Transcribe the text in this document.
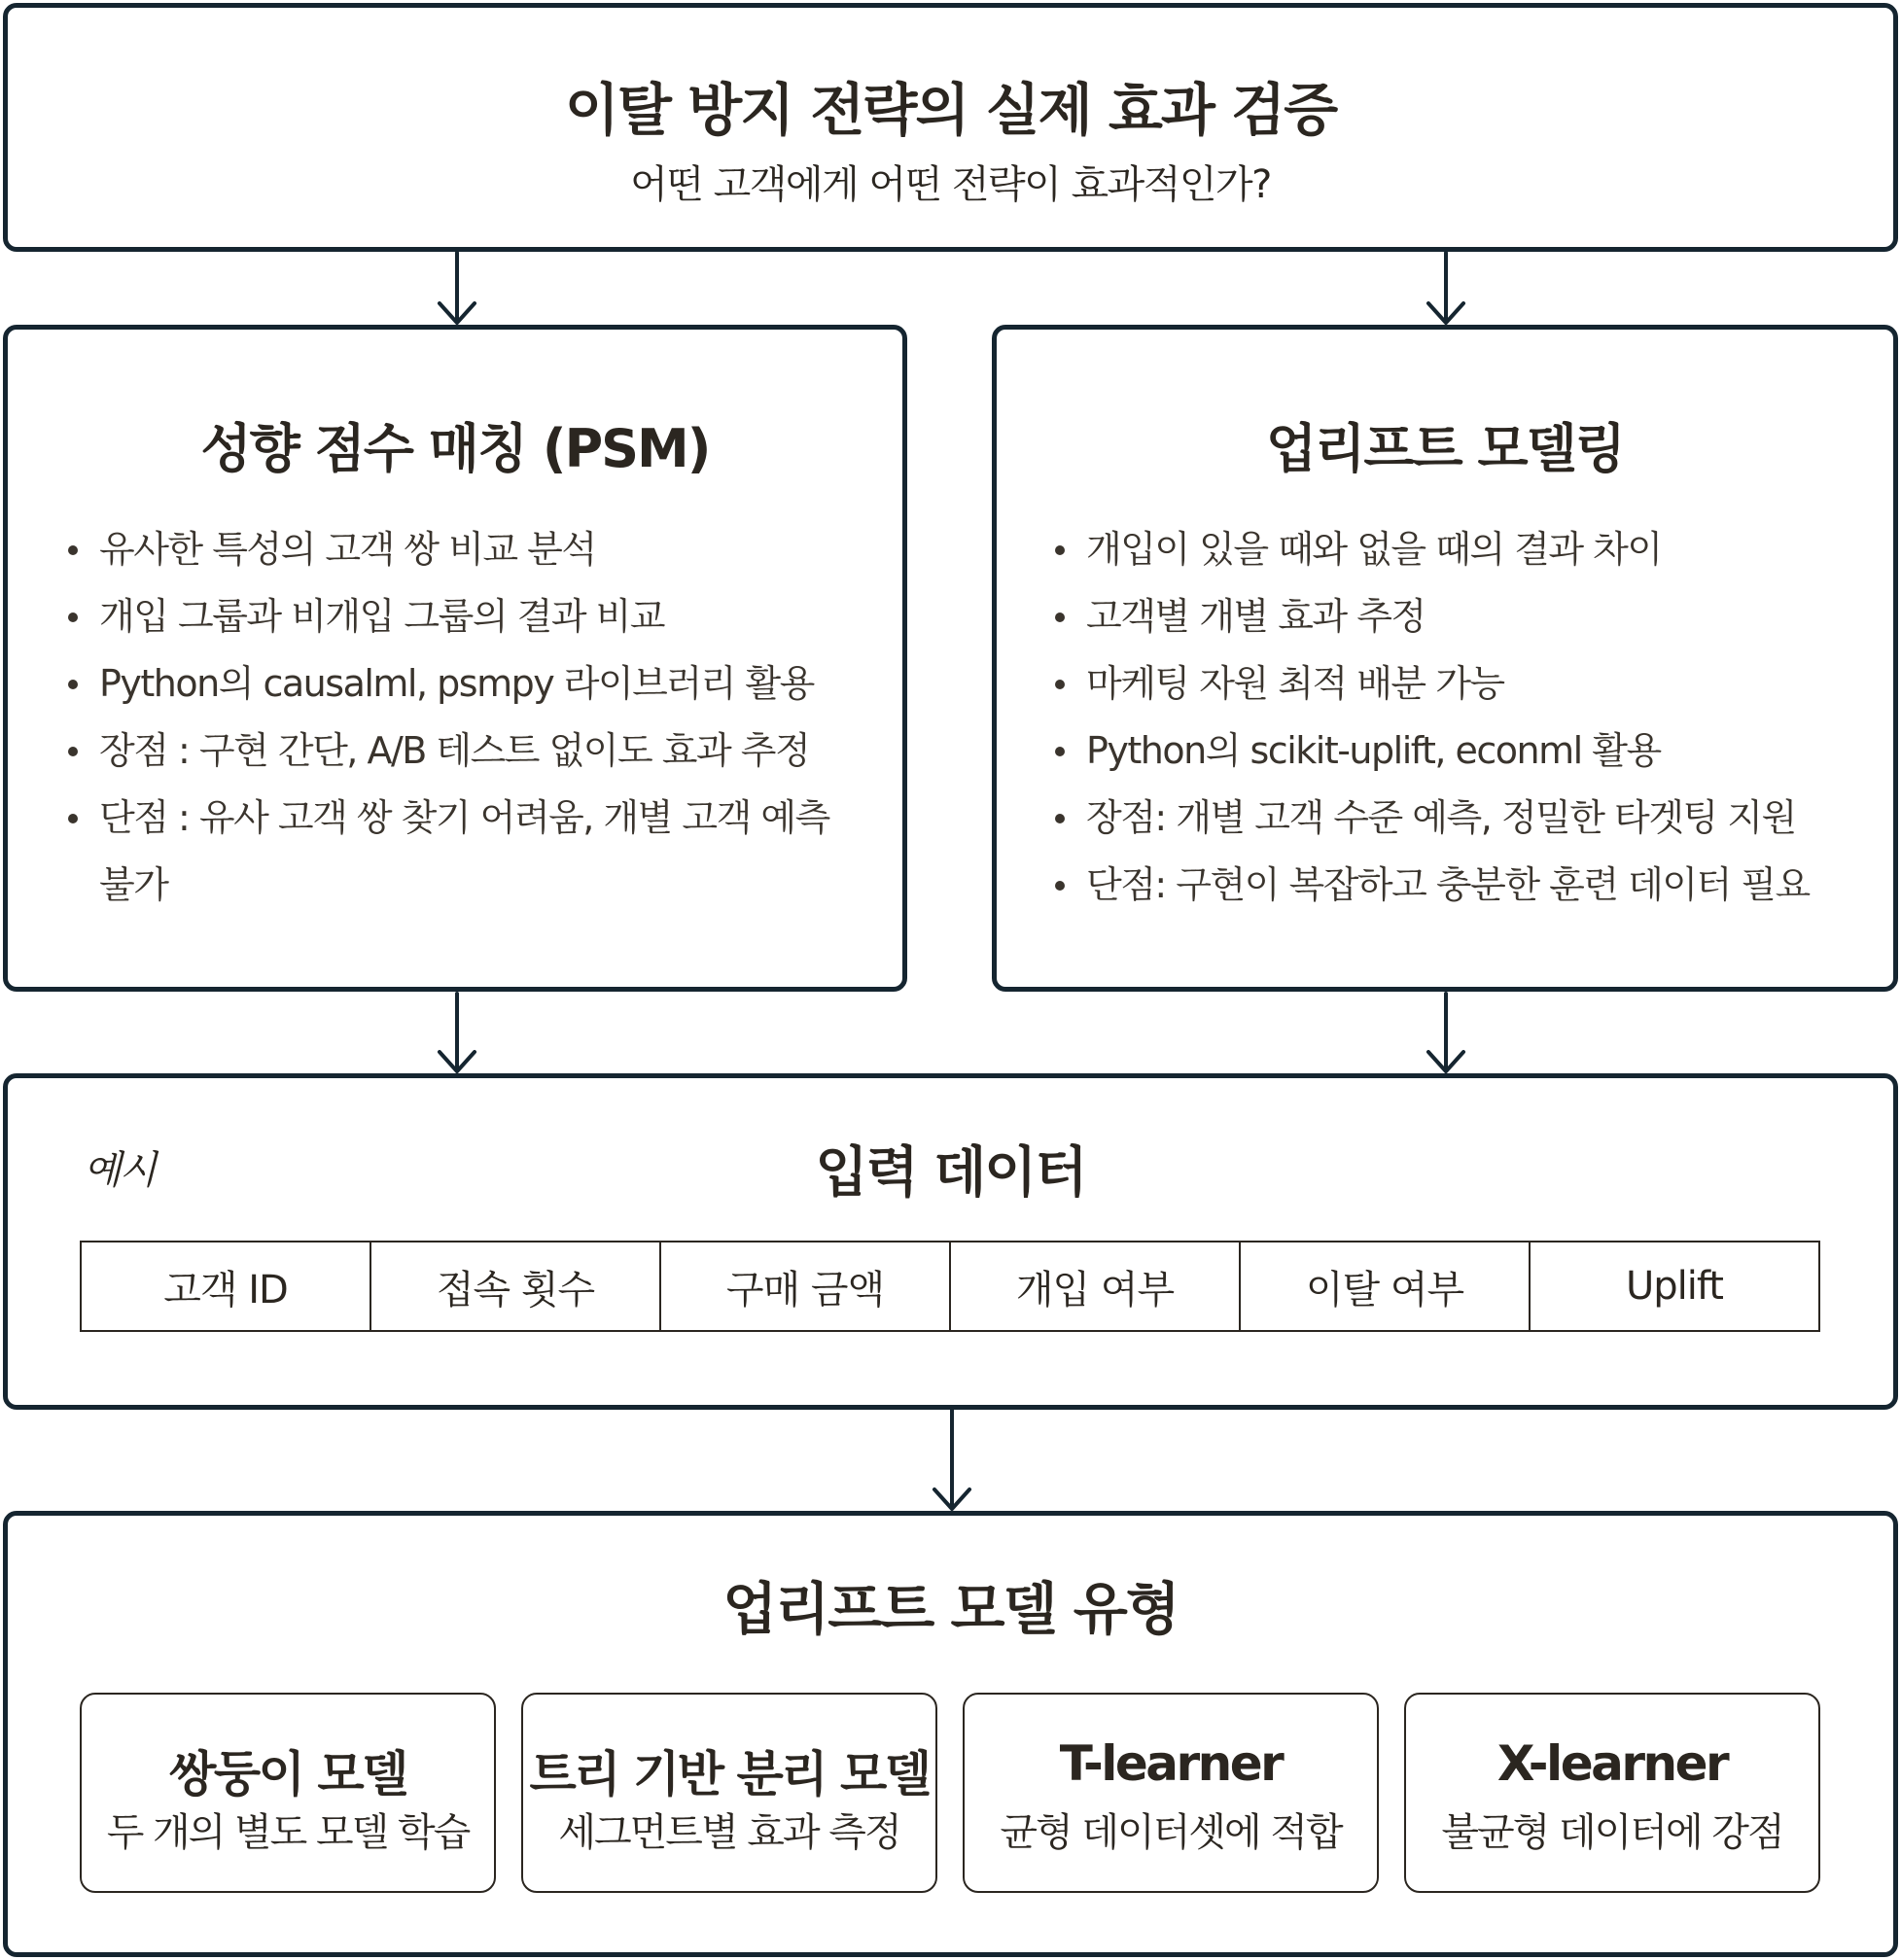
이탈 방지 전략의 실제 효과 검증
어떤 고객에게 어떤 전략이 효과적인가?
성향 점수 매칭 (PSM)
유사한 특성의 고객 쌍 비교 분석
개입 그룹과 비개입 그룹의 결과 비교
Python의 causalml, psmpy 라이브러리 활용
장점 : 구현 간단, A/B 테스트 없이도 효과 추정
단점 : 유사 고객 쌍 찾기 어려움, 개별 고객 예측 불가
업리프트 모델링
개입이 있을 때와 없을 때의 결과 차이
고객별 개별 효과 추정
마케팅 자원 최적 배분 가능
Python의 scikit-uplift, econml 활용
장점: 개별 고객 수준 예측, 정밀한 타겟팅 지원
단점: 구현이 복잡하고 충분한 훈련 데이터 필요
예시	입력 데이터
고객 ID	접속 횟수	구매 금액	개입 여부	이탈 여부	Uplift
업리프트 모델 유형
쌍둥이 모델
두 개의 별도 모델 학습
트리 기반 분리 모델
세그먼트별 효과 측정
T-learner
균형 데이터셋에 적합
X-learner
불균형 데이터에 강점
